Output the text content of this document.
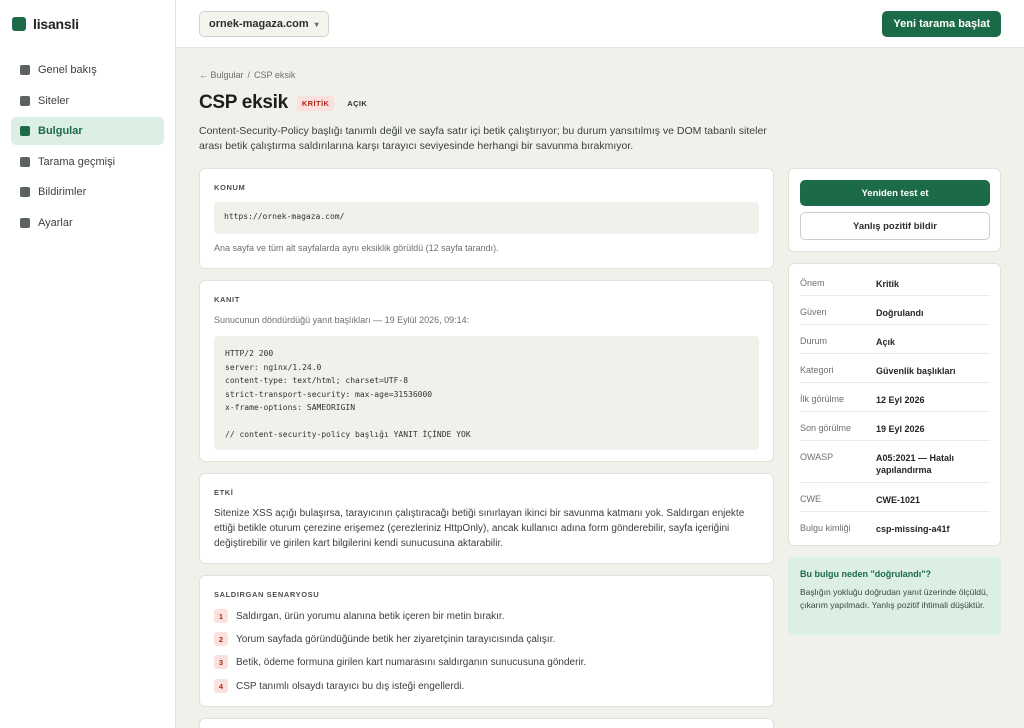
lisansli
Genel bakış
Siteler
Bulgular
Tarama geçmişi
Bildirimler
Ayarlar
ornek-magaza.com ▾	Yeni tarama başlat
← Bulgular / CSP eksik
CSP eksik	KRİTİK	AÇIK
Content-Security-Policy başlığı tanımlı değil ve sayfa satır içi betik çalıştırıyor; bu durum yansıtılmış ve DOM tabanlı siteler arası betik çalıştırma saldırılarına karşı tarayıcı seviyesinde herhangi bir savunma bırakmıyor.
KONUM
https://ornek-magaza.com/
Ana sayfa ve tüm alt sayfalarda aynı eksiklik görüldü (12 sayfa tarandı).
KANIT
Sunucunun döndürdüğü yanıt başlıkları — 19 Eylül 2026, 09:14:
HTTP/2 200
server: nginx/1.24.0
content-type: text/html; charset=UTF-8
strict-transport-security: max-age=31536000
x-frame-options: SAMEORIGIN
// content-security-policy başlığı YANIT İÇİNDE YOK
ETKİ
Sitenize XSS açığı bulaşırsa, tarayıcının çalıştıracağı betiği sınırlayan ikinci bir savunma katmanı yok. Saldırgan enjekte ettiği betikle oturum çerezine erişemez (çerezleriniz HttpOnly), ancak kullanıcı adına form gönderebilir, sayfa içeriğini değiştirebilir ve girilen kart bilgilerini kendi sunucusuna aktarabilir.
SALDIRGAN SENARYOSU
1	Saldırgan, ürün yorumu alanına betik içeren bir metin bırakır.
2	Yorum sayfada göründüğünde betik her ziyaretçinin tarayıcısında çalışır.
3	Betik, ödeme formuna girilen kart numarasını saldırganın sunucusuna gönderir.
4	CSP tanımlı olsaydı tarayıcı bu dış isteği engellerdi.
Yeniden test et
Yanlış pozitif bildir
Önem	Kritik
Güven	Doğrulandı
Durum	Açık
Kategori	Güvenlik başlıkları
İlk görülme	12 Eyl 2026
Son görülme	19 Eyl 2026
OWASP	A05:2021 — Hatalı yapılandırma
CWE	CWE-1021
Bulgu kimliği	csp-missing-a41f
Bu bulgu neden "doğrulandı"?
Başlığın yokluğu doğrudan yanıt üzerinde ölçüldü, çıkarım yapılmadı. Yanlış pozitif ihtimali düşüktür.
